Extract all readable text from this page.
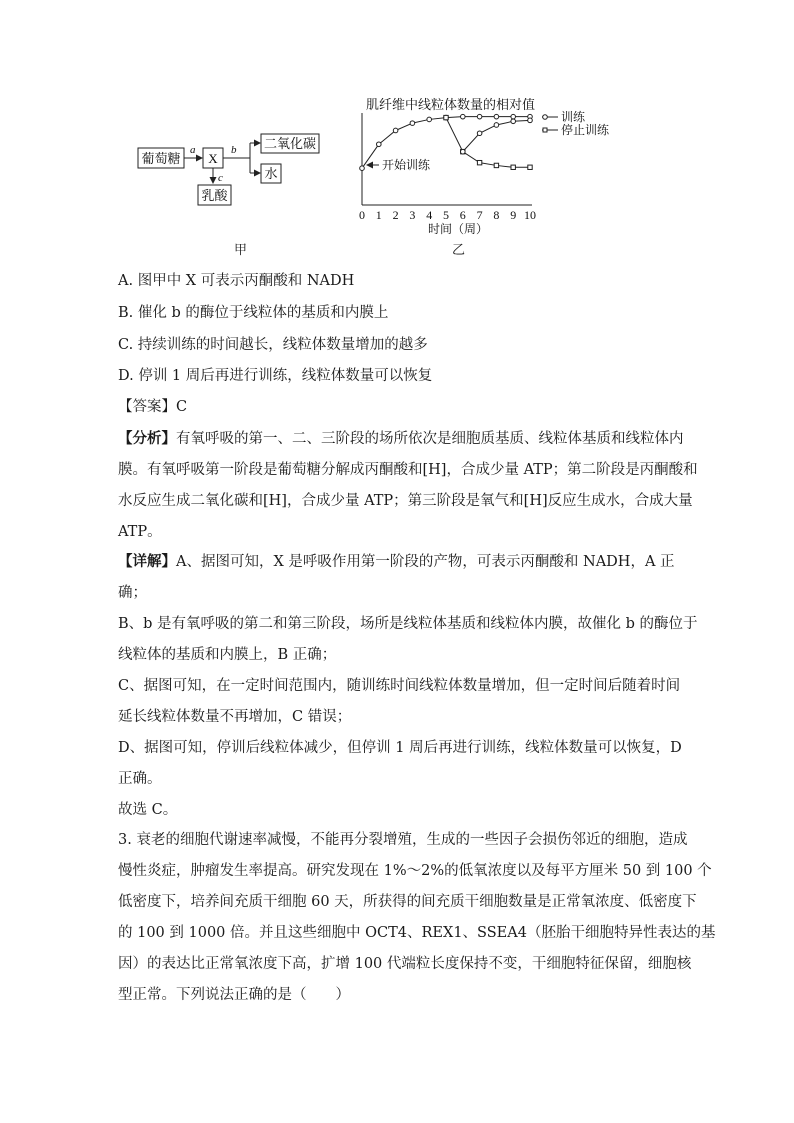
葡萄糖 X
a	b 二氧化碳
水
c
乳酸
肌纤维中线粒体数量的相对值
时间（周）
0 1 2 3 4 5 6 7 8 9 10
开始训练
训练
停止训练
甲	乙
A. 图甲中 X 可表示丙酮酸和 NADH
B. 催化 b 的酶位于线粒体的基质和内膜上
C. 持续训练的时间越长，线粒体数量增加的越多
D. 停训 1 周后再进行训练，线粒体数量可以恢复
【答案】C
【分析】有氧呼吸的第一、二、三阶段的场所依次是细胞质基质、线粒体基质和线粒体内
膜。有氧呼吸第一阶段是葡萄糖分解成丙酮酸和[H]，合成少量 ATP；第二阶段是丙酮酸和
水反应生成二氧化碳和[H]，合成少量 ATP；第三阶段是氧气和[H]反应生成水，合成大量
ATP。
【详解】A、据图可知，X 是呼吸作用第一阶段的产物，可表示丙酮酸和 NADH，A 正
确；
B、b 是有氧呼吸的第二和第三阶段，场所是线粒体基质和线粒体内膜，故催化 b 的酶位于
线粒体的基质和内膜上，B 正确；
C、据图可知，在一定时间范围内，随训练时间线粒体数量增加，但一定时间后随着时间
延长线粒体数量不再增加，C 错误；
D、据图可知，停训后线粒体减少，但停训 1 周后再进行训练，线粒体数量可以恢复，D
正确。
故选 C。
3. 衰老的细胞代谢速率减慢，不能再分裂增殖，生成的一些因子会损伤邻近的细胞，造成
慢性炎症，肿瘤发生率提高。研究发现在 1%～2%的低氧浓度以及每平方厘米 50 到 100 个
低密度下，培养间充质干细胞 60 天，所获得的间充质干细胞数量是正常氧浓度、低密度下
的 100 到 1000 倍。并且这些细胞中 OCT4、REX1、SSEA4（胚胎干细胞特异性表达的基
因）的表达比正常氧浓度下高，扩增 100 代端粒长度保持不变，干细胞特征保留，细胞核
型正常。下列说法正确的是（　　）
